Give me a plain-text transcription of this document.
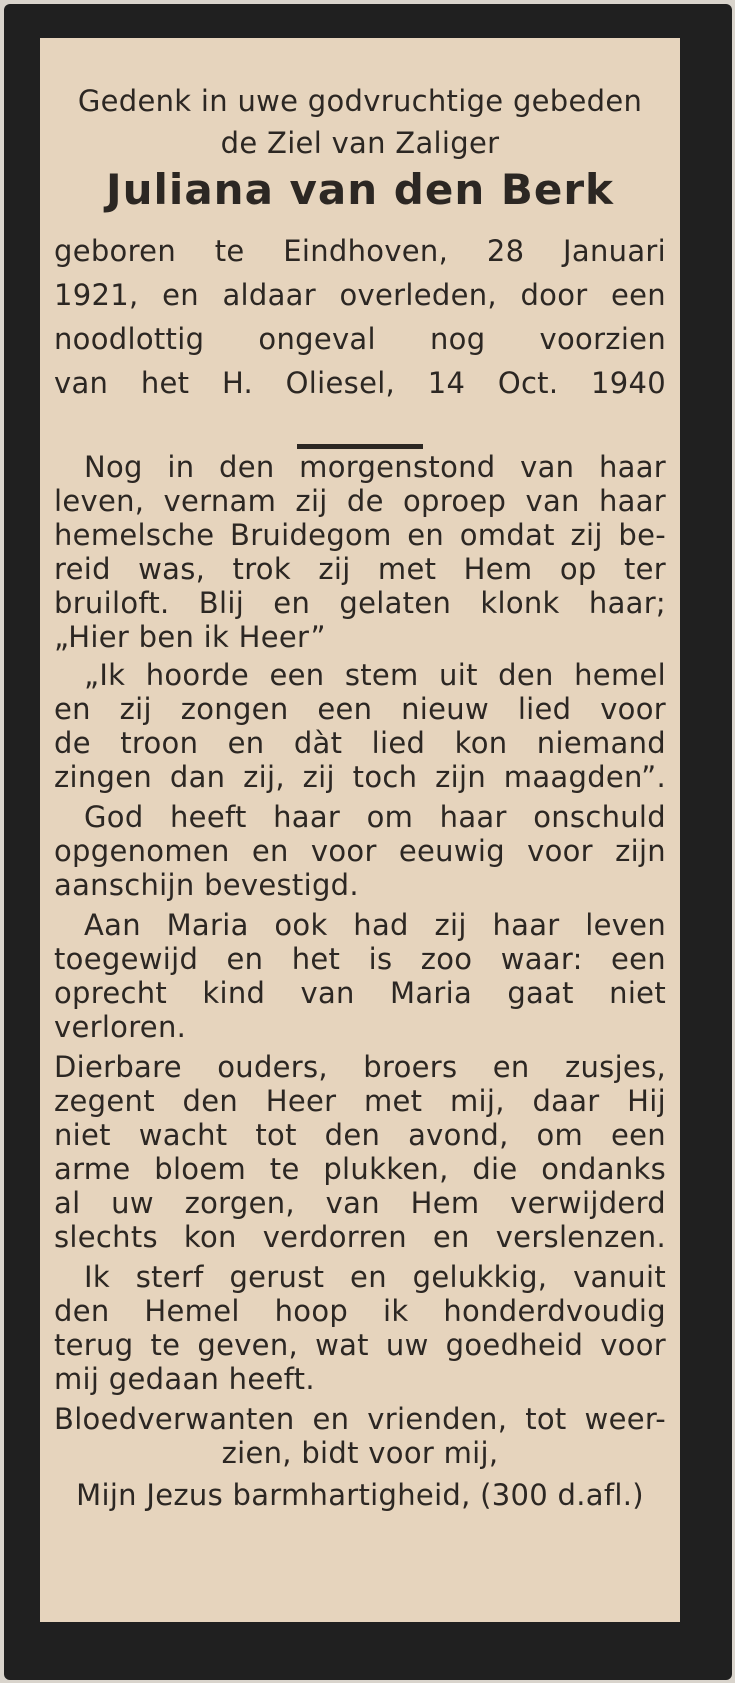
Gedenk in uwe godvruchtige gebeden
de Ziel van Zaliger
Juliana van den Berk
geboren te Eindhoven, 28 Januari
1921, en aldaar overleden, door een
noodlottig ongeval nog voorzien
van het H. Oliesel, 14 Oct. 1940
Nog in den morgenstond van haar
leven, vernam zij de oproep van haar
hemelsche Bruidegom en omdat zij be-
reid was, trok zij met Hem op ter
bruiloft. Blij en gelaten klonk haar;
„Hier ben ik Heer”
„Ik hoorde een stem uit den hemel
en zij zongen een nieuw lied voor
de troon en dàt lied kon niemand
zingen dan zij, zij toch zijn maagden”.
God heeft haar om haar onschuld
opgenomen en voor eeuwig voor zijn
aanschijn bevestigd.
Aan Maria ook had zij haar leven
toegewijd en het is zoo waar: een
oprecht kind van Maria gaat niet
verloren.
Dierbare ouders, broers en zusjes,
zegent den Heer met mij, daar Hij
niet wacht tot den avond, om een
arme bloem te plukken, die ondanks
al uw zorgen, van Hem verwijderd
slechts kon verdorren en verslenzen.
Ik sterf gerust en gelukkig, vanuit
den Hemel hoop ik honderdvoudig
terug te geven, wat uw goedheid voor
mij gedaan heeft.
Bloedverwanten en vrienden, tot weer-
zien, bidt voor mij,
Mijn Jezus barmhartigheid, (300 d.afl.)
